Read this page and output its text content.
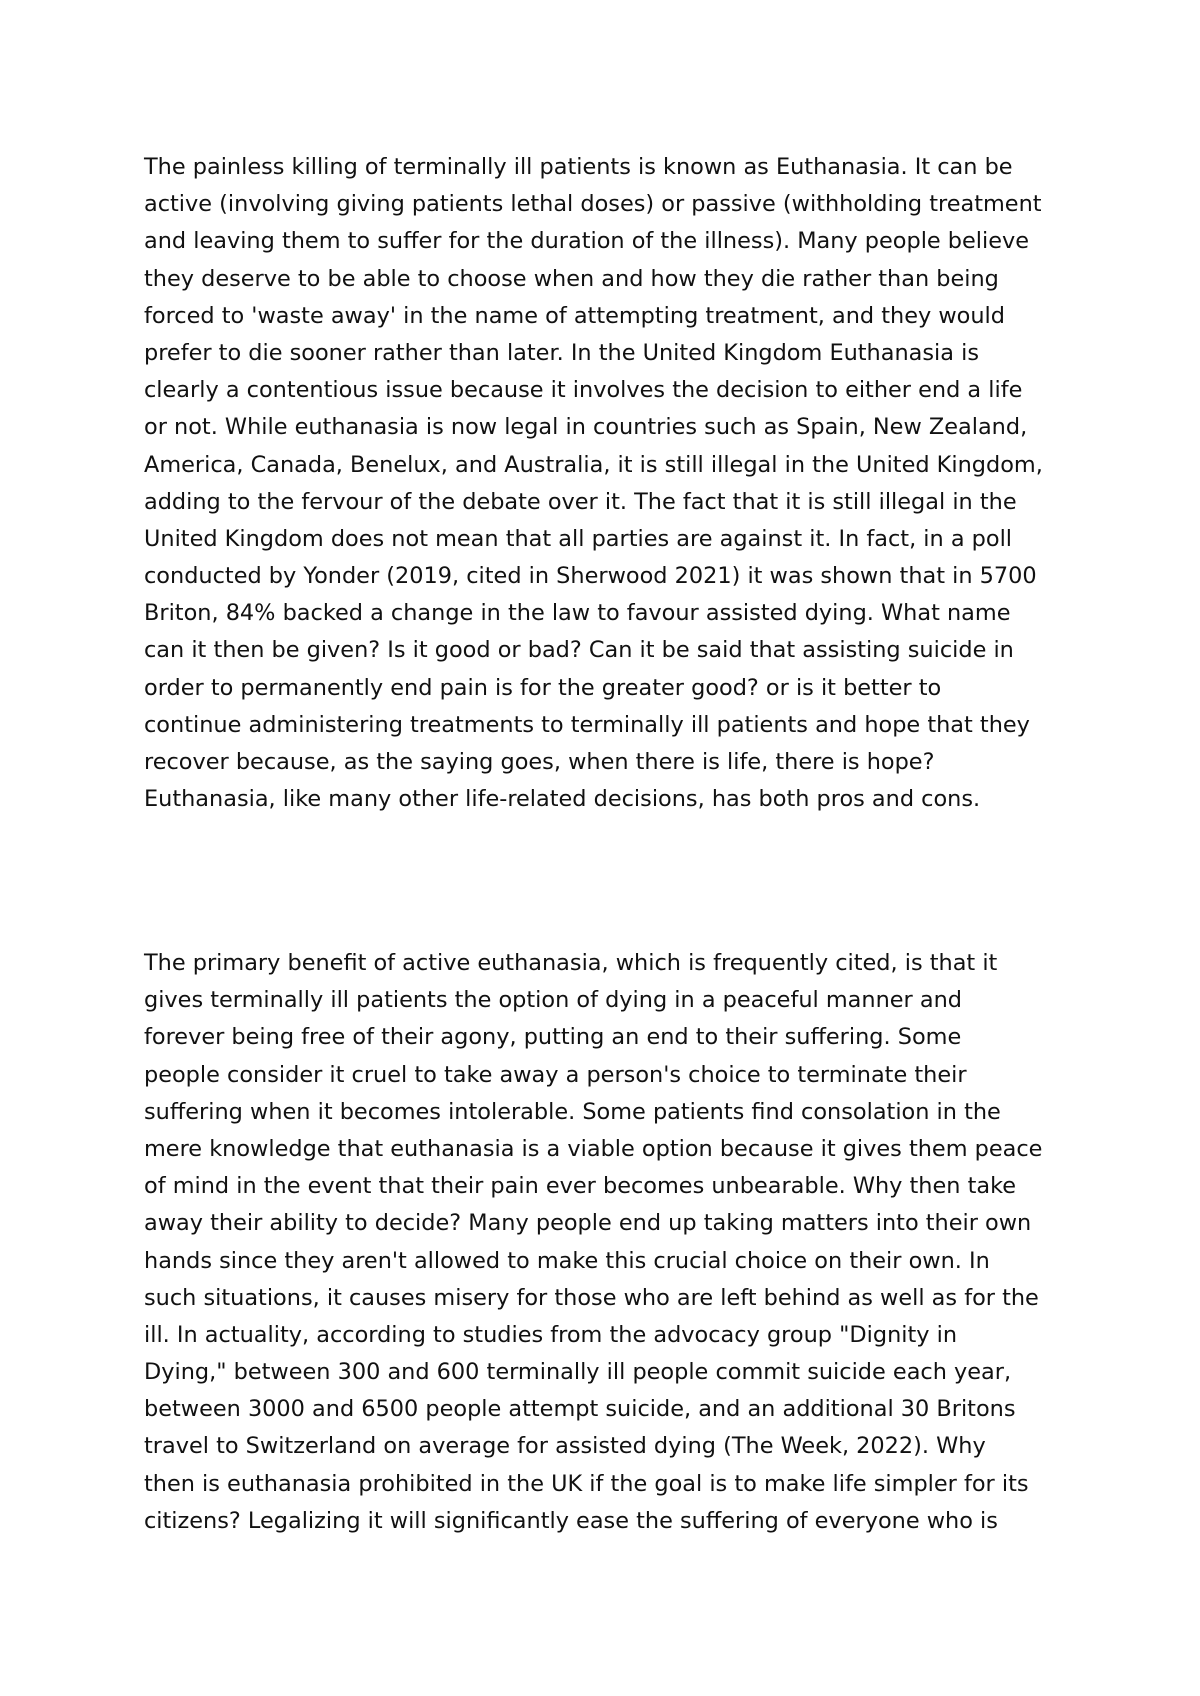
The painless killing of terminally ill patients is known as Euthanasia. It can be
active (involving giving patients lethal doses) or passive (withholding treatment
and leaving them to suffer for the duration of the illness). Many people believe
they deserve to be able to choose when and how they die rather than being
forced to 'waste away' in the name of attempting treatment, and they would
prefer to die sooner rather than later. In the United Kingdom Euthanasia is
clearly a contentious issue because it involves the decision to either end a life
or not. While euthanasia is now legal in countries such as Spain, New Zealand,
America, Canada, Benelux, and Australia, it is still illegal in the United Kingdom,
adding to the fervour of the debate over it. The fact that it is still illegal in the
United Kingdom does not mean that all parties are against it. In fact, in a poll
conducted by Yonder (2019, cited in Sherwood 2021) it was shown that in 5700
Briton, 84% backed a change in the law to favour assisted dying. What name
can it then be given? Is it good or bad? Can it be said that assisting suicide in
order to permanently end pain is for the greater good? or is it better to
continue administering treatments to terminally ill patients and hope that they
recover because, as the saying goes, when there is life, there is hope?
Euthanasia, like many other life-related decisions, has both pros and cons.
The primary benefit of active euthanasia, which is frequently cited, is that it
gives terminally ill patients the option of dying in a peaceful manner and
forever being free of their agony, putting an end to their suffering. Some
people consider it cruel to take away a person's choice to terminate their
suffering when it becomes intolerable. Some patients find consolation in the
mere knowledge that euthanasia is a viable option because it gives them peace
of mind in the event that their pain ever becomes unbearable. Why then take
away their ability to decide? Many people end up taking matters into their own
hands since they aren't allowed to make this crucial choice on their own. In
such situations, it causes misery for those who are left behind as well as for the
ill. In actuality, according to studies from the advocacy group "Dignity in
Dying," between 300 and 600 terminally ill people commit suicide each year,
between 3000 and 6500 people attempt suicide, and an additional 30 Britons
travel to Switzerland on average for assisted dying (The Week, 2022). Why
then is euthanasia prohibited in the UK if the goal is to make life simpler for its
citizens? Legalizing it will significantly ease the suffering of everyone who is
